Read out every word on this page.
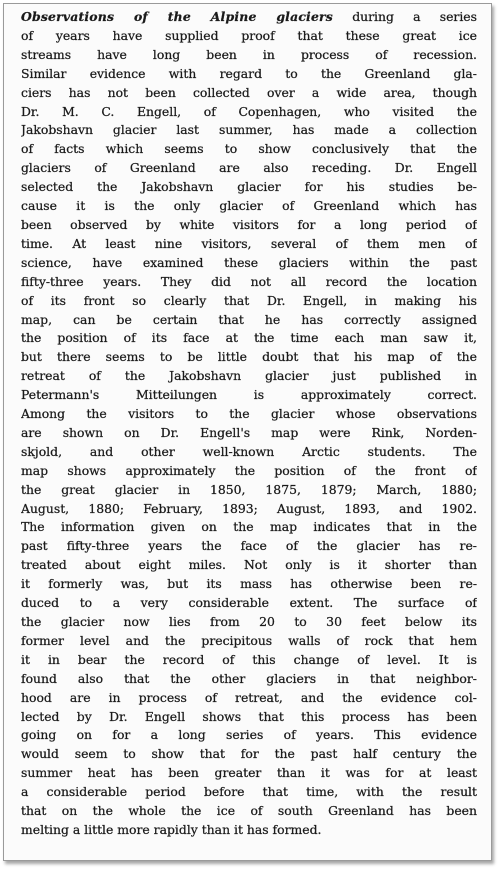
Observations of the Alpine glaciers during a series
of years have supplied proof that these great ice
streams have long been in process of recession.
Similar evidence with regard to the Greenland gla-
ciers has not been collected over a wide area, though
Dr. M. C. Engell, of Copenhagen, who visited the
Jakobshavn glacier last summer, has made a collection
of facts which seems to show conclusively that the
glaciers of Greenland are also receding. Dr. Engell
selected the Jakobshavn glacier for his studies be-
cause it is the only glacier of Greenland which has
been observed by white visitors for a long period of
time. At least nine visitors, several of them men of
science, have examined these glaciers within the past
fifty-three years. They did not all record the location
of its front so clearly that Dr. Engell, in making his
map, can be certain that he has correctly assigned
the position of its face at the time each man saw it,
but there seems to be little doubt that his map of the
retreat of the Jakobshavn glacier just published in
Petermann's Mitteilungen is approximately correct.
Among the visitors to the glacier whose observations
are shown on Dr. Engell's map were Rink, Norden-
skjold, and other well-known Arctic students. The
map shows approximately the position of the front of
the great glacier in 1850, 1875, 1879; March, 1880;
August, 1880; February, 1893; August, 1893, and 1902.
The information given on the map indicates that in the
past fifty-three years the face of the glacier has re-
treated about eight miles. Not only is it shorter than
it formerly was, but its mass has otherwise been re-
duced to a very considerable extent. The surface of
the glacier now lies from 20 to 30 feet below its
former level and the precipitous walls of rock that hem
it in bear the record of this change of level. It is
found also that the other glaciers in that neighbor-
hood are in process of retreat, and the evidence col-
lected by Dr. Engell shows that this process has been
going on for a long series of years. This evidence
would seem to show that for the past half century the
summer heat has been greater than it was for at least
a considerable period before that time, with the result
that on the whole the ice of south Greenland has been
melting a little more rapidly than it has formed.
